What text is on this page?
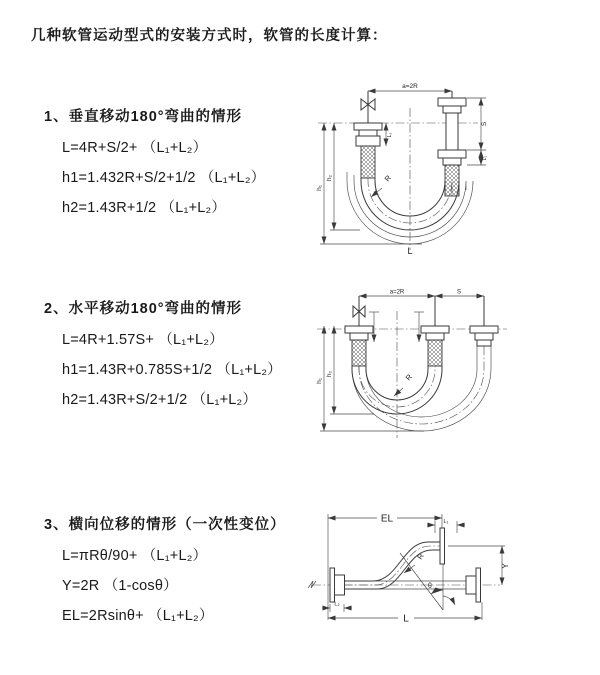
几种软管运动型式的安装方式时，软管的长度计算：
1、垂直移动180°弯曲的情形
L=4R+S/2+ （L₁+L₂）
h1=1.432R+S/2+1/2 （L₁+L₂）
h2=1.43R+1/2 （L₁+L₂）
a=2R
S
L₁
L₂
h₁
h₂	R
L
2、水平移动180°弯曲的情形
L=4R+1.57S+ （L₁+L₂）
h1=1.43R+0.785S+1/2 （L₁+L₂）
h2=1.43R+S/2+1/2 （L₁+L₂）
a=2R	S
h₁
h₂	R
3、横向位移的情形（一次性变位）
L=πRθ/90+ （L₁+L₂）
Y=2R （1-cosθ）
EL=2Rsinθ+ （L₁+L₂）
θ
EL	L₁
Y
R
L₂
L
